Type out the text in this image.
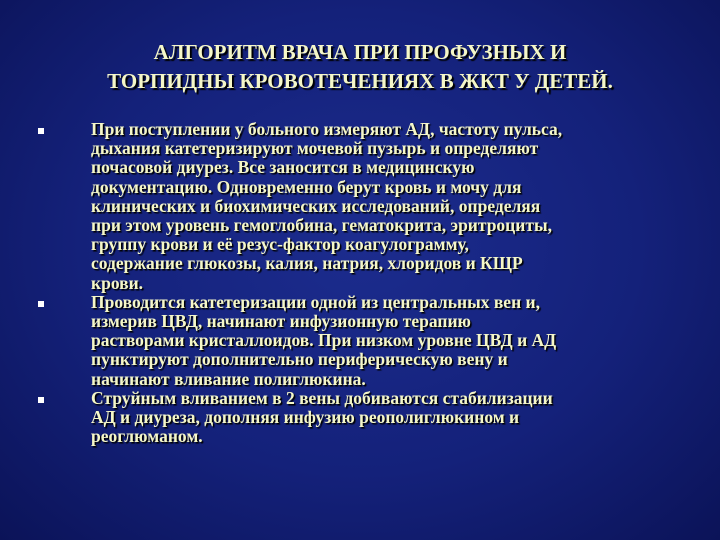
АЛГОРИТМ ВРАЧА ПРИ ПРОФУЗНЫХ И
ТОРПИДНЫ КРОВОТЕЧЕНИЯХ В ЖКТ У ДЕТЕЙ.
При поступлении у больного измеряют АД, частоту пульса,
дыхания катетеризируют мочевой пузырь и определяют
почасовой диурез. Все заносится в медицинскую
документацию. Одновременно берут кровь и мочу для
клинических и биохимических исследований, определяя
при этом уровень гемоглобина, гематокрита, эритроциты,
группу крови и её резус-фактор коагулограмму,
содержание глюкозы, калия, натрия, хлоридов и КЩР
крови.
Проводится катетеризации одной из центральных вен и,
измерив ЦВД, начинают инфузионную терапию
растворами кристаллоидов. При низком уровне ЦВД и АД
пунктируют дополнительно периферическую вену и
начинают вливание полиглюкина.
Струйным вливанием в 2 вены добиваются стабилизации
АД и диуреза, дополняя инфузию реополиглюкином и
реоглюманом.
